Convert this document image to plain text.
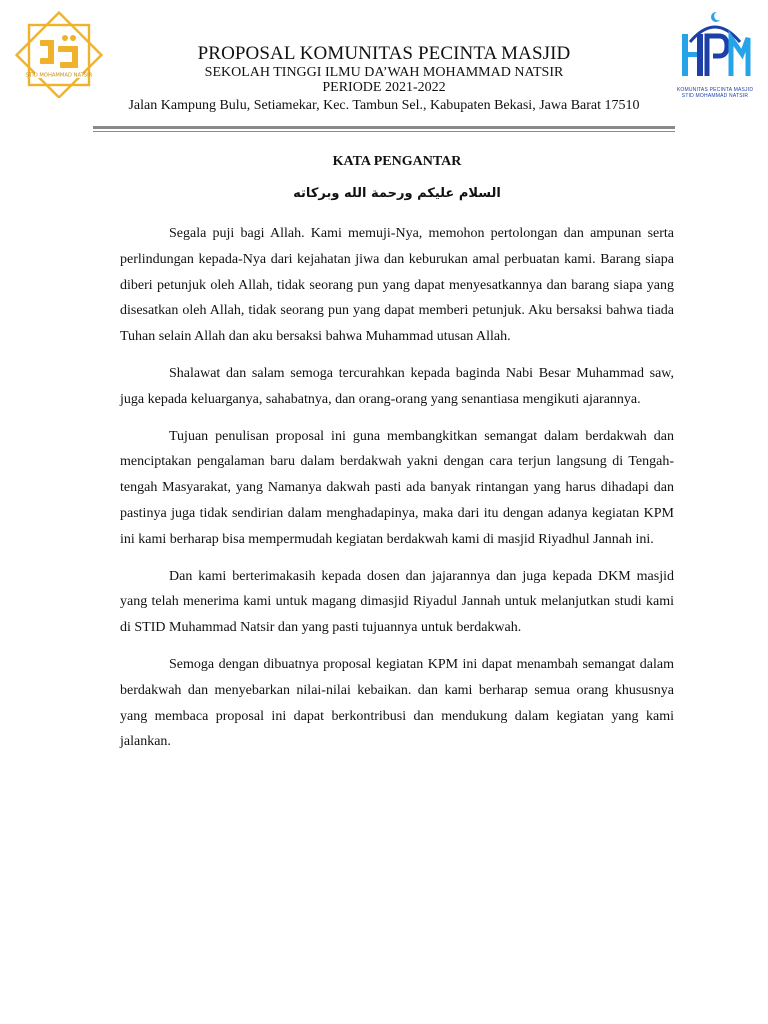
STID MOHAMMAD NATSIR
KOMUNITAS PECINTA MASJID
STID MOHAMMAD NATSIR
PROPOSAL KOMUNITAS PECINTA MASJID
SEKOLAH TINGGI ILMU DA’WAH MOHAMMAD NATSIR
PERIODE 2021-2022
Jalan Kampung Bulu, Setiamekar, Kec. Tambun Sel., Kabupaten Bekasi, Jawa Barat 17510
KATA PENGANTAR
السلام عليكم ورحمة الله وبركاته

Segala puji bagi Allah. Kami memuji-Nya, memohon pertolongan dan ampunan serta perlindungan kepada-Nya dari kejahatan jiwa dan keburukan amal perbuatan kami. Barang siapa diberi petunjuk oleh Allah, tidak seorang pun yang dapat menyesatkannya dan barang siapa yang disesatkan oleh Allah, tidak seorang pun yang dapat memberi petunjuk. Aku bersaksi bahwa tiada Tuhan selain Allah dan aku bersaksi bahwa Muhammad utusan Allah.

Shalawat dan salam semoga tercurahkan kepada baginda Nabi Besar Muhammad saw, juga kepada keluarganya, sahabatnya, dan orang-orang yang senantiasa mengikuti ajarannya.

Tujuan penulisan proposal ini guna membangkitkan semangat dalam berdakwah dan menciptakan pengalaman baru dalam berdakwah yakni dengan cara terjun langsung di Tengah-tengah Masyarakat, yang Namanya dakwah pasti ada banyak rintangan yang harus dihadapi dan pastinya juga tidak sendirian dalam menghadapinya, maka dari itu dengan adanya kegiatan KPM ini kami berharap bisa mempermudah kegiatan berdakwah kami di masjid Riyadhul Jannah ini.

Dan kami berterimakasih kepada dosen dan jajarannya dan juga kepada DKM masjid yang telah menerima kami untuk magang dimasjid Riyadul Jannah untuk melanjutkan studi kami di STID Muhammad Natsir dan yang pasti tujuannya untuk berdakwah.

Semoga dengan dibuatnya proposal kegiatan KPM ini dapat menambah semangat dalam berdakwah dan menyebarkan nilai-nilai kebaikan. dan kami berharap semua orang khususnya yang membaca proposal ini dapat berkontribusi dan mendukung dalam kegiatan yang kami jalankan.
